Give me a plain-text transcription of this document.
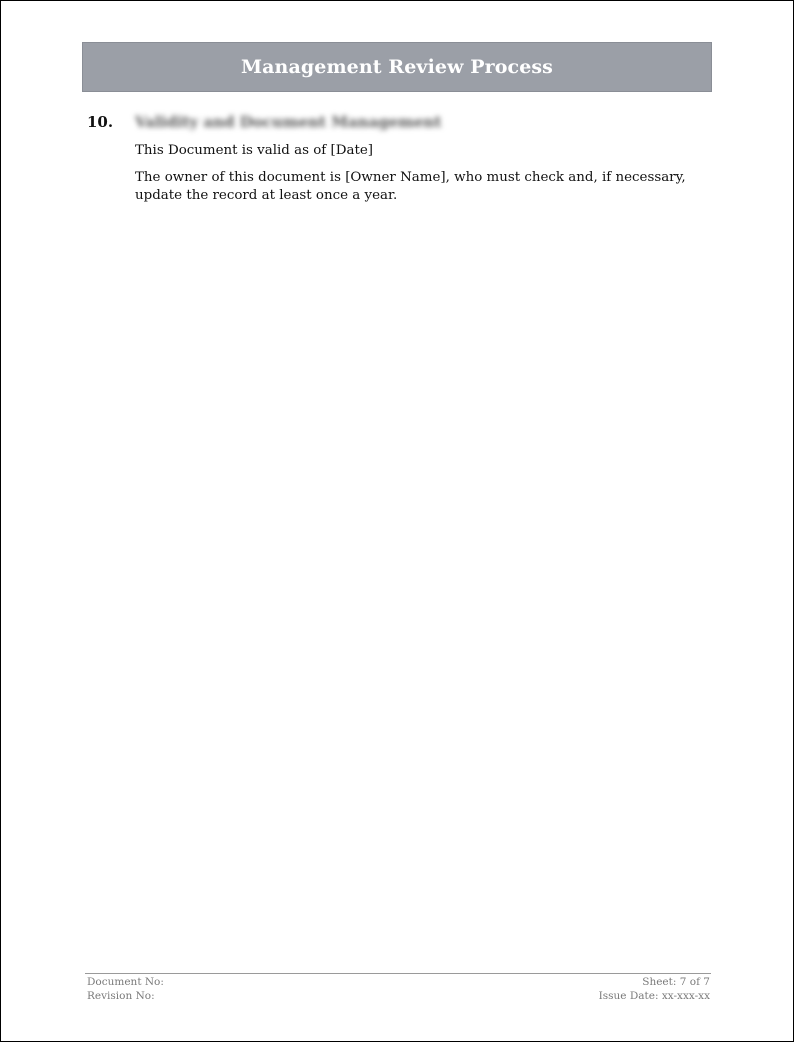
Management Review Process
10. Validity and Document Management
This Document is valid as of [Date]
The owner of this document is [Owner Name], who must check and, if necessary, update the record at least once a year.
Document No:
Revision No:
Sheet: 7 of 7
Issue Date: xx-xxx-xx
